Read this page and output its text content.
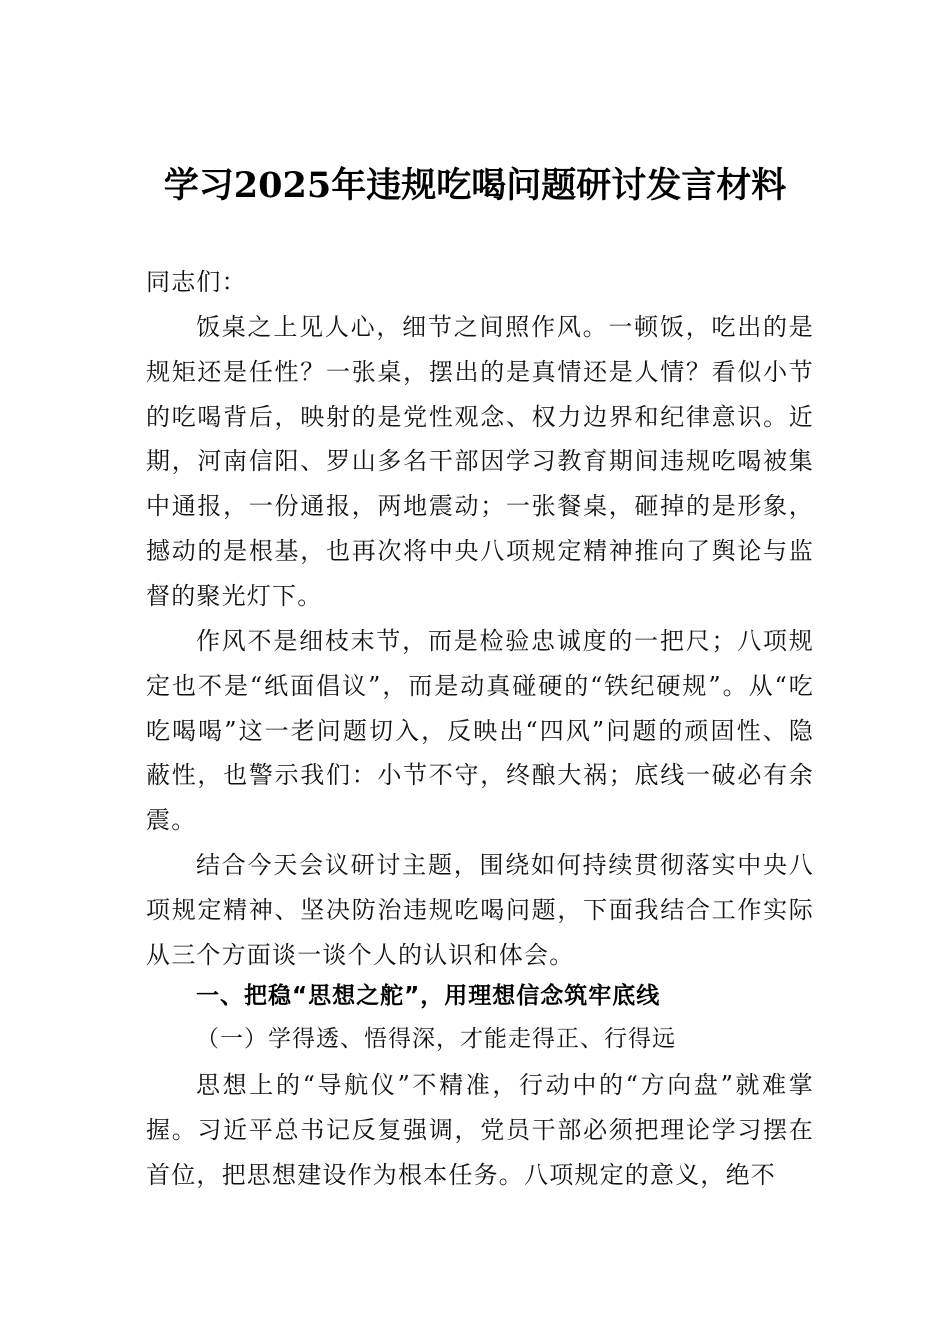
学习2025年违规吃喝问题研讨发言材料
同志们：

饭桌之上见人心，细节之间照作风。一顿饭，吃出的是规矩还是任性？一张桌，摆出的是真情还是人情？看似小节的吃喝背后，映射的是党性观念、权力边界和纪律意识。近期，河南信阳、罗山多名干部因学习教育期间违规吃喝被集中通报，一份通报，两地震动；一张餐桌，砸掉的是形象，撼动的是根基，也再次将中央八项规定精神推向了舆论与监督的聚光灯下。

作风不是细枝末节，而是检验忠诚度的一把尺；八项规定也不是“纸面倡议”，而是动真碰硬的“铁纪硬规”。从“吃吃喝喝”这一老问题切入，反映出“四风”问题的顽固性、隐蔽性，也警示我们：小节不守，终酿大祸；底线一破必有余震。

结合今天会议研讨主题，围绕如何持续贯彻落实中央八项规定精神、坚决防治违规吃喝问题，下面我结合工作实际从三个方面谈一谈个人的认识和体会。

一、把稳“思想之舵”，用理想信念筑牢底线
（一）学得透、悟得深，才能走得正、行得远

思想上的“导航仪”不精准，行动中的“方向盘”就难掌握。习近平总书记反复强调，党员干部必须把理论学习摆在首位，把思想建设作为根本任务。八项规定的意义，绝不
